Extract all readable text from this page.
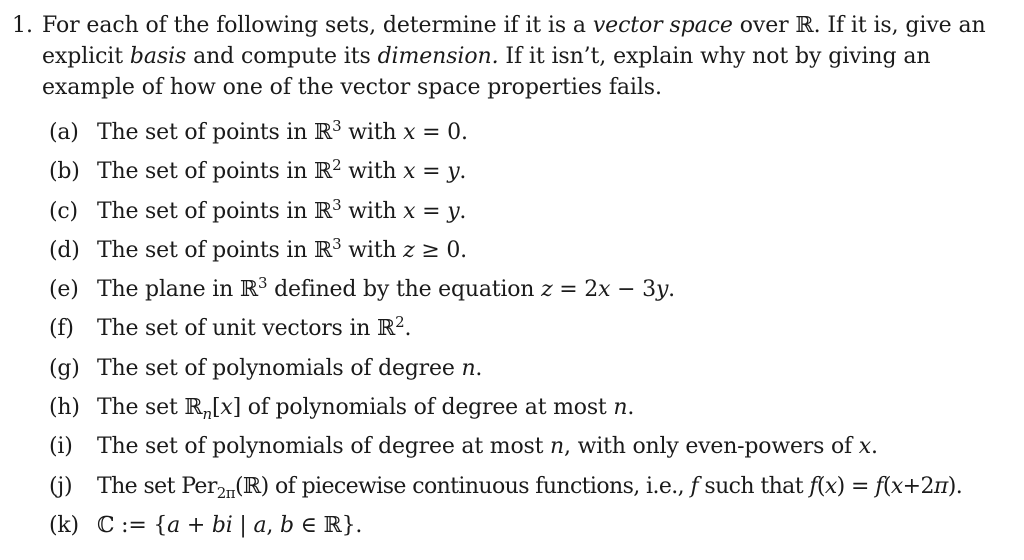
1. For each of the following sets, determine if it is a vector space over ℝ. If it is, give an explicit basis and compute its dimension. If it isn’t, explain why not by giving an example of how one of the vector space properties fails.
(a) The set of points in ℝ$^3$ with x = 0.
(b) The set of points in ℝ$^2$ with x = y.
(c) The set of points in ℝ$^3$ with x = y.
(d) The set of points in ℝ$^3$ with z ≥ 0.
(e) The plane in ℝ$^3$ defined by the equation z = 2x − 3y.
(f)	The set of unit vectors in ℝ$^2$.
(g) The set of polynomials of degree n.
(h) The set ℝ$_n$[x] of polynomials of degree at most n.
(i)	The set of polynomials of degree at most n, with only even-powers of x.
(j)	The set Per$_{2\pi}$(ℝ) of piecewise continuous functions, i.e., f such that f(x) = f(x+2π).
(k) ℂ := {a + bi | a, b ∈ ℝ}.
